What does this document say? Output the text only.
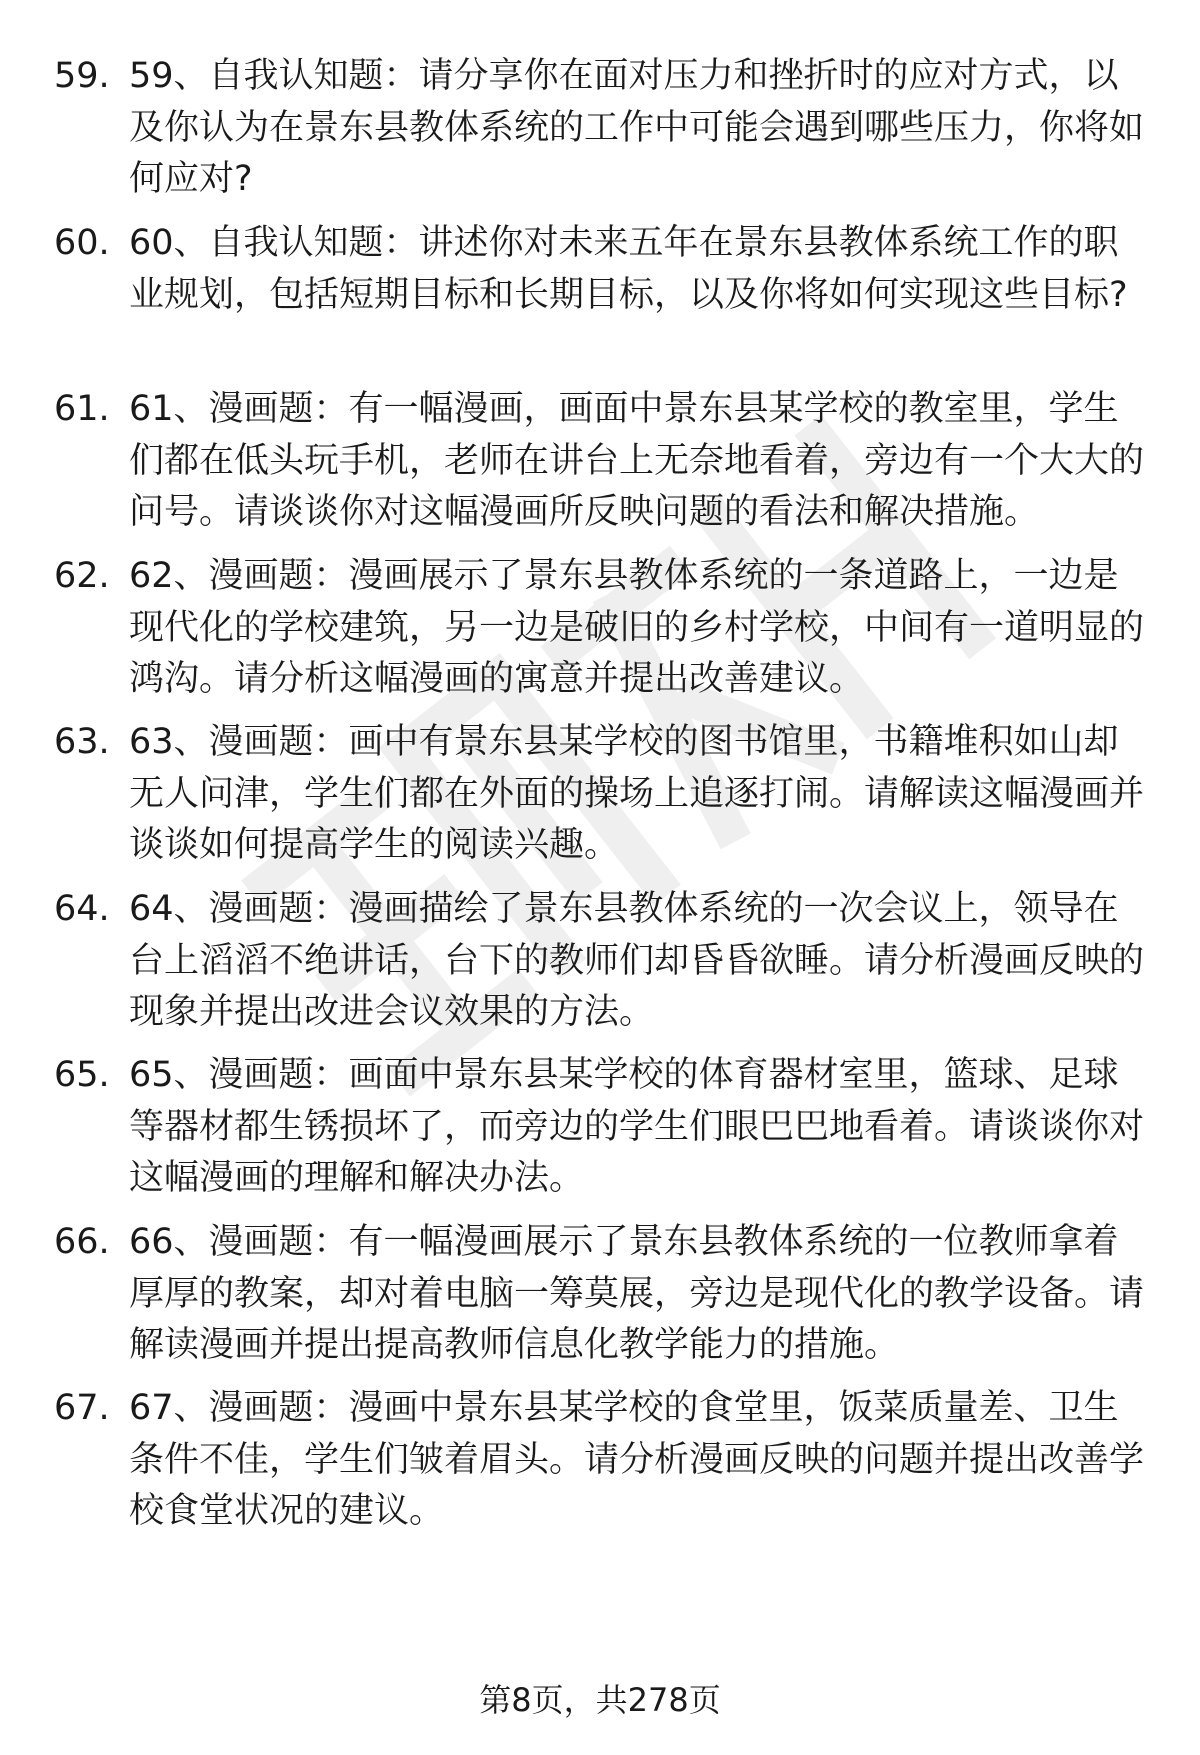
59. 59、自我认知题：请分享你在面对压力和挫折时的应对方式，以及你认为在景东县教体系统的工作中可能会遇到哪些压力，你将如何应对?
60. 60、自我认知题：讲述你对未来五年在景东县教体系统工作的职业规划，包括短期目标和长期目标，以及你将如何实现这些目标?
61. 61、漫画题：有一幅漫画，画面中景东县某学校的教室里，学生们都在低头玩手机，老师在讲台上无奈地看着，旁边有一个大大的问号。请谈谈你对这幅漫画所反映问题的看法和解决措施。
62. 62、漫画题：漫画展示了景东县教体系统的一条道路上，一边是现代化的学校建筑，另一边是破旧的乡村学校，中间有一道明显的鸿沟。请分析这幅漫画的寓意并提出改善建议。
63. 63、漫画题：画中有景东县某学校的图书馆里，书籍堆积如山却无人问津，学生们都在外面的操场上追逐打闹。请解读这幅漫画并谈谈如何提高学生的阅读兴趣。
64. 64、漫画题：漫画描绘了景东县教体系统的一次会议上，领导在台上滔滔不绝讲话，台下的教师们却昏昏欲睡。请分析漫画反映的现象并提出改进会议效果的方法。
65. 65、漫画题：画面中景东县某学校的体育器材室里，篮球、足球等器材都生锈损坏了，而旁边的学生们眼巴巴地看着。请谈谈你对这幅漫画的理解和解决办法。
66. 66、漫画题：有一幅漫画展示了景东县教体系统的一位教师拿着厚厚的教案，却对着电脑一筹莫展，旁边是现代化的教学设备。请解读漫画并提出提高教师信息化教学能力的措施。
67. 67、漫画题：漫画中景东县某学校的食堂里，饭菜质量差、卫生条件不佳，学生们皱着眉头。请分析漫画反映的问题并提出改善学校食堂状况的建议。
第8页，共278页
